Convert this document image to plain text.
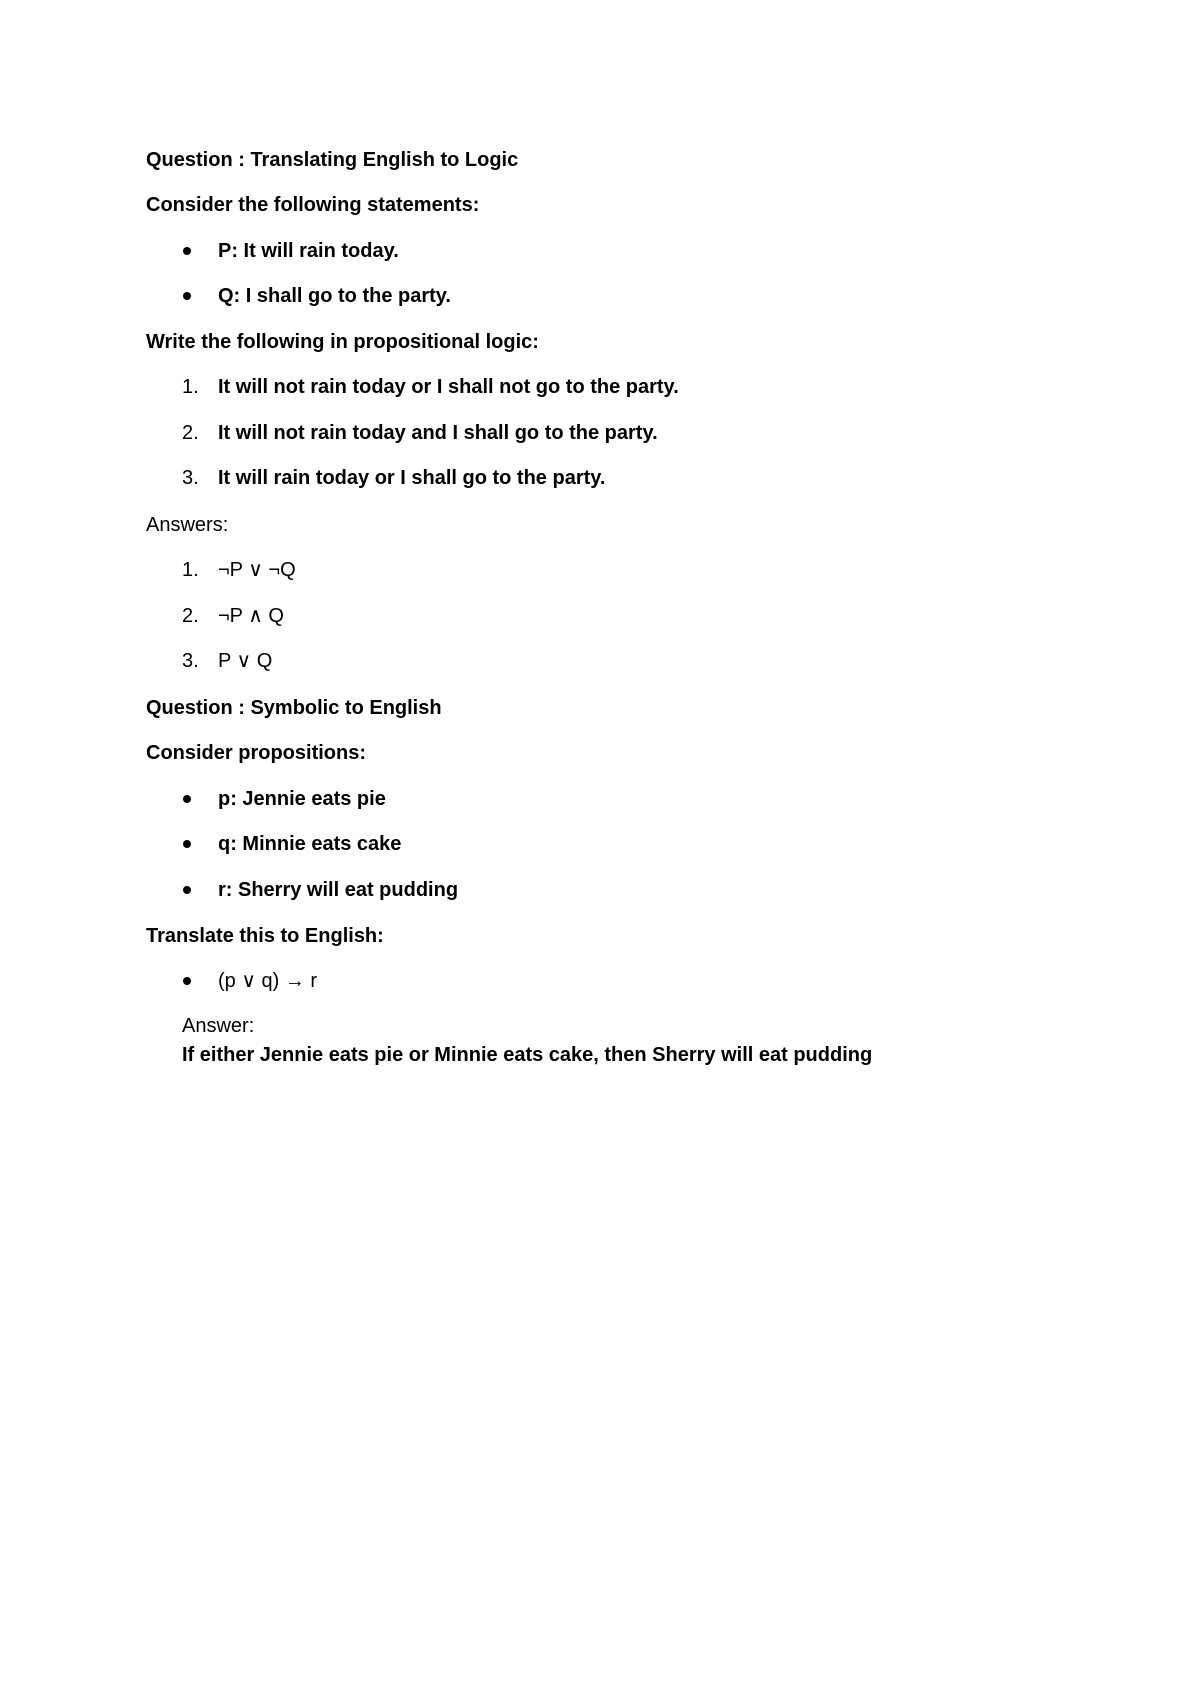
Question : Translating English to Logic
Consider the following statements:
P: It will rain today.
Q: I shall go to the party.
Write the following in propositional logic:
1. It will not rain today or I shall not go to the party.
2. It will not rain today and I shall go to the party.
3. It will rain today or I shall go to the party.
Answers:
1. ¬P ∨ ¬Q
2. ¬P ∧ Q
3. P ∨ Q
Question : Symbolic to English
Consider propositions:
p: Jennie eats pie
q: Minnie eats cake
r: Sherry will eat pudding
Translate this to English:
(p ∨ q) → r
Answer:
If either Jennie eats pie or Minnie eats cake, then Sherry will eat pudding
